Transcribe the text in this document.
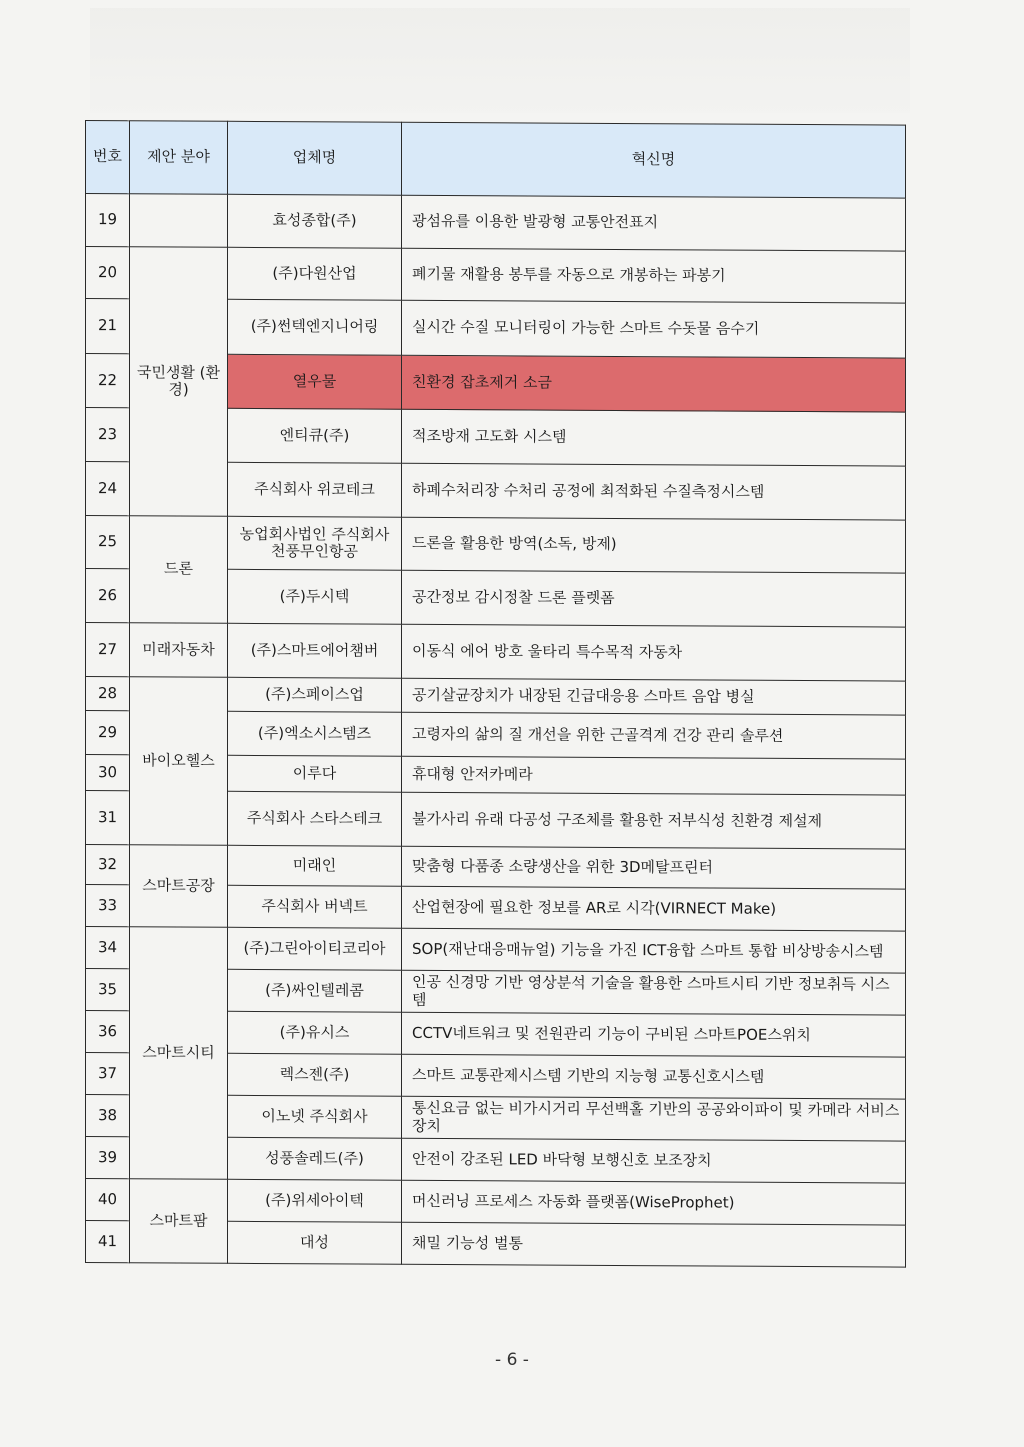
번호	제안 분야	업체명	혁신명
19		효성종합(주)	광섬유를 이용한 발광형 교통안전표지
20	국민생활 (환경)	(주)다원산업	폐기물 재활용 봉투를 자동으로 개봉하는 파봉기
21		(주)썬텍엔지니어링	실시간 수질 모니터링이 가능한 스마트 수돗물 음수기
22		열우물	친환경 잡초제거 소금
23		엔티큐(주)	적조방재 고도화 시스템
24		주식회사 위코테크	하폐수처리장 수처리 공정에 최적화된 수질측정시스템
25	드론	농업회사법인 주식회사 천풍무인항공	드론을 활용한 방역(소독, 방제)
26		(주)두시텍	공간정보 감시정찰 드론 플렛폼
27	미래자동차	(주)스마트에어챔버	이동식 에어 방호 울타리 특수목적 자동차
28	바이오헬스	(주)스페이스업	공기살균장치가 내장된 긴급대응용 스마트 음압 병실
29		(주)엑소시스템즈	고령자의 삶의 질 개선을 위한 근골격계 건강 관리 솔루션
30		이루다	휴대형 안저카메라
31		주식회사 스타스테크	불가사리 유래 다공성 구조체를 활용한 저부식성 친환경 제설제
32	스마트공장	미래인	맞춤형 다품종 소량생산을 위한 3D메탈프린터
33		주식회사 버넥트	산업현장에 필요한 정보를 AR로 시각(VIRNECT Make)
34	스마트시티	(주)그린아이티코리아	SOP(재난대응매뉴얼) 기능을 가진 ICT융합 스마트 통합 비상방송시스템
35		(주)싸인텔레콤	인공 신경망 기반 영상분석 기술을 활용한 스마트시티 기반 정보취득 시스템
36		(주)유시스	CCTV네트워크 및 전원관리 기능이 구비된 스마트POE스위치
37		렉스젠(주)	스마트 교통관제시스템 기반의 지능형 교통신호시스템
38		이노넷 주식회사	통신요금 없는 비가시거리 무선백홀 기반의 공공와이파이 및 카메라 서비스 장치
39		성풍솔레드(주)	안전이 강조된 LED 바닥형 보행신호 보조장치
40	스마트팜	(주)위세아이텍	머신러닝 프로세스 자동화 플랫폼(WiseProphet)
41		대성	채밀 기능성 벌통
- 6 -
